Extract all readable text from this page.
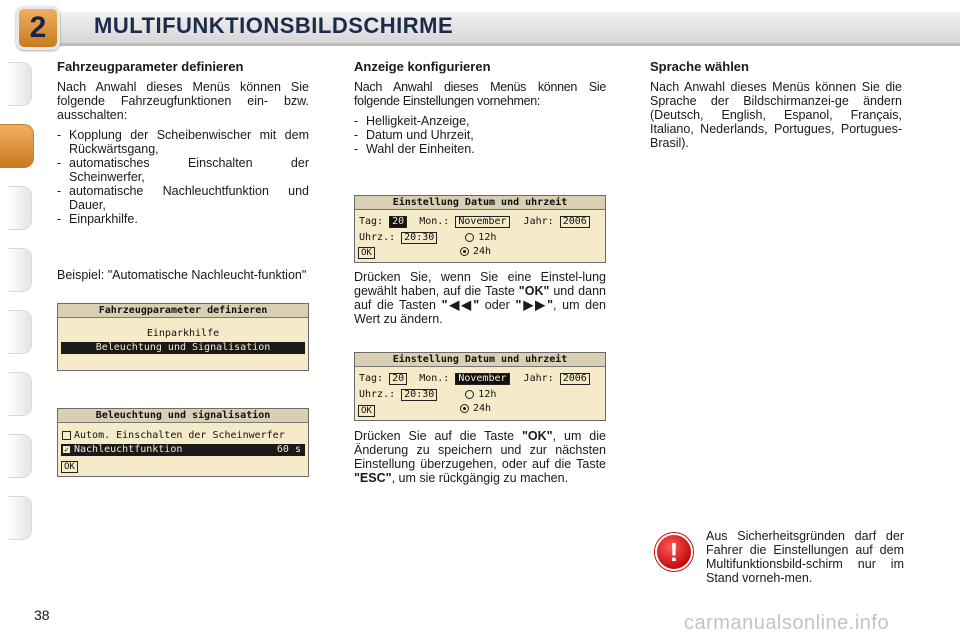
2	MULTIFUNKTIONSBILDSCHIRME
Fahrzeugparameter definieren
Nach Anwahl dieses Menüs können Sie folgende Fahrzeugfunktionen ein- bzw. ausschalten:
- Kopplung der Scheibenwischer mit dem Rückwärtsgang,
- automatisches Einschalten der Scheinwerfer,
- automatische Nachleuchtfunktion und Dauer,
- Einparkhilfe.
Beispiel: "Automatische Nachleucht-funktion"
Fahrzeugparameter definieren
Einparkhilfe
Beleuchtung und Signalisation
Beleuchtung und signalisation
Autom. Einschalten der Scheinwerfer
✓ Nachleuchtfunktion	60 s
OK
Anzeige konfigurieren
Nach Anwahl dieses Menüs können Sie folgende Einstellungen vornehmen:
- Helligkeit-Anzeige,
- Datum und Uhrzeit,
- Wahl der Einheiten.
Einstellung Datum und uhrzeit
Tag: 20 Mon.: November Jahr: 2006
Uhrz.: 20:30	12h
24h
OK
Drücken Sie, wenn Sie eine Einstel-lung gewählt haben, auf die Taste "OK" und dann auf die Tasten "◀◀" oder "▶▶", um den Wert zu ändern.
Einstellung Datum und uhrzeit
Tag: 20 Mon.: November Jahr: 2006
Uhrz.: 20:30	12h
24h
OK
Drücken Sie auf die Taste "OK", um die Änderung zu speichern und zur nächsten Einstellung überzugehen, oder auf die Taste "ESC", um sie rückgängig zu machen.
Sprache wählen
Nach Anwahl dieses Menüs können Sie die Sprache der Bildschirmanzei-ge ändern (Deutsch, English, Espanol, Français, Italiano, Nederlands, Portugues, Portugues-Brasil).
!
Aus Sicherheitsgründen darf der Fahrer die Einstellungen auf dem Multifunktionsbild-schirm nur im Stand vorneh-men.
38	carmanualsonline.info
